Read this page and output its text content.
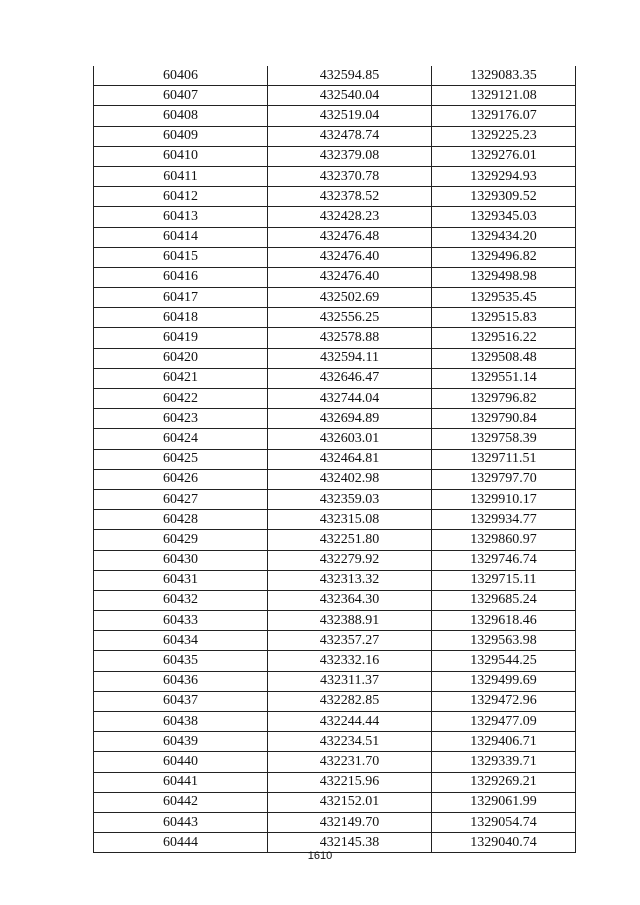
60406	432594.85	1329083.35
60407	432540.04	1329121.08
60408	432519.04	1329176.07
60409	432478.74	1329225.23
60410	432379.08	1329276.01
60411	432370.78	1329294.93
60412	432378.52	1329309.52
60413	432428.23	1329345.03
60414	432476.48	1329434.20
60415	432476.40	1329496.82
60416	432476.40	1329498.98
60417	432502.69	1329535.45
60418	432556.25	1329515.83
60419	432578.88	1329516.22
60420	432594.11	1329508.48
60421	432646.47	1329551.14
60422	432744.04	1329796.82
60423	432694.89	1329790.84
60424	432603.01	1329758.39
60425	432464.81	1329711.51
60426	432402.98	1329797.70
60427	432359.03	1329910.17
60428	432315.08	1329934.77
60429	432251.80	1329860.97
60430	432279.92	1329746.74
60431	432313.32	1329715.11
60432	432364.30	1329685.24
60433	432388.91	1329618.46
60434	432357.27	1329563.98
60435	432332.16	1329544.25
60436	432311.37	1329499.69
60437	432282.85	1329472.96
60438	432244.44	1329477.09
60439	432234.51	1329406.71
60440	432231.70	1329339.71
60441	432215.96	1329269.21
60442	432152.01	1329061.99
60443	432149.70	1329054.74
60444	432145.38	1329040.74
1610
